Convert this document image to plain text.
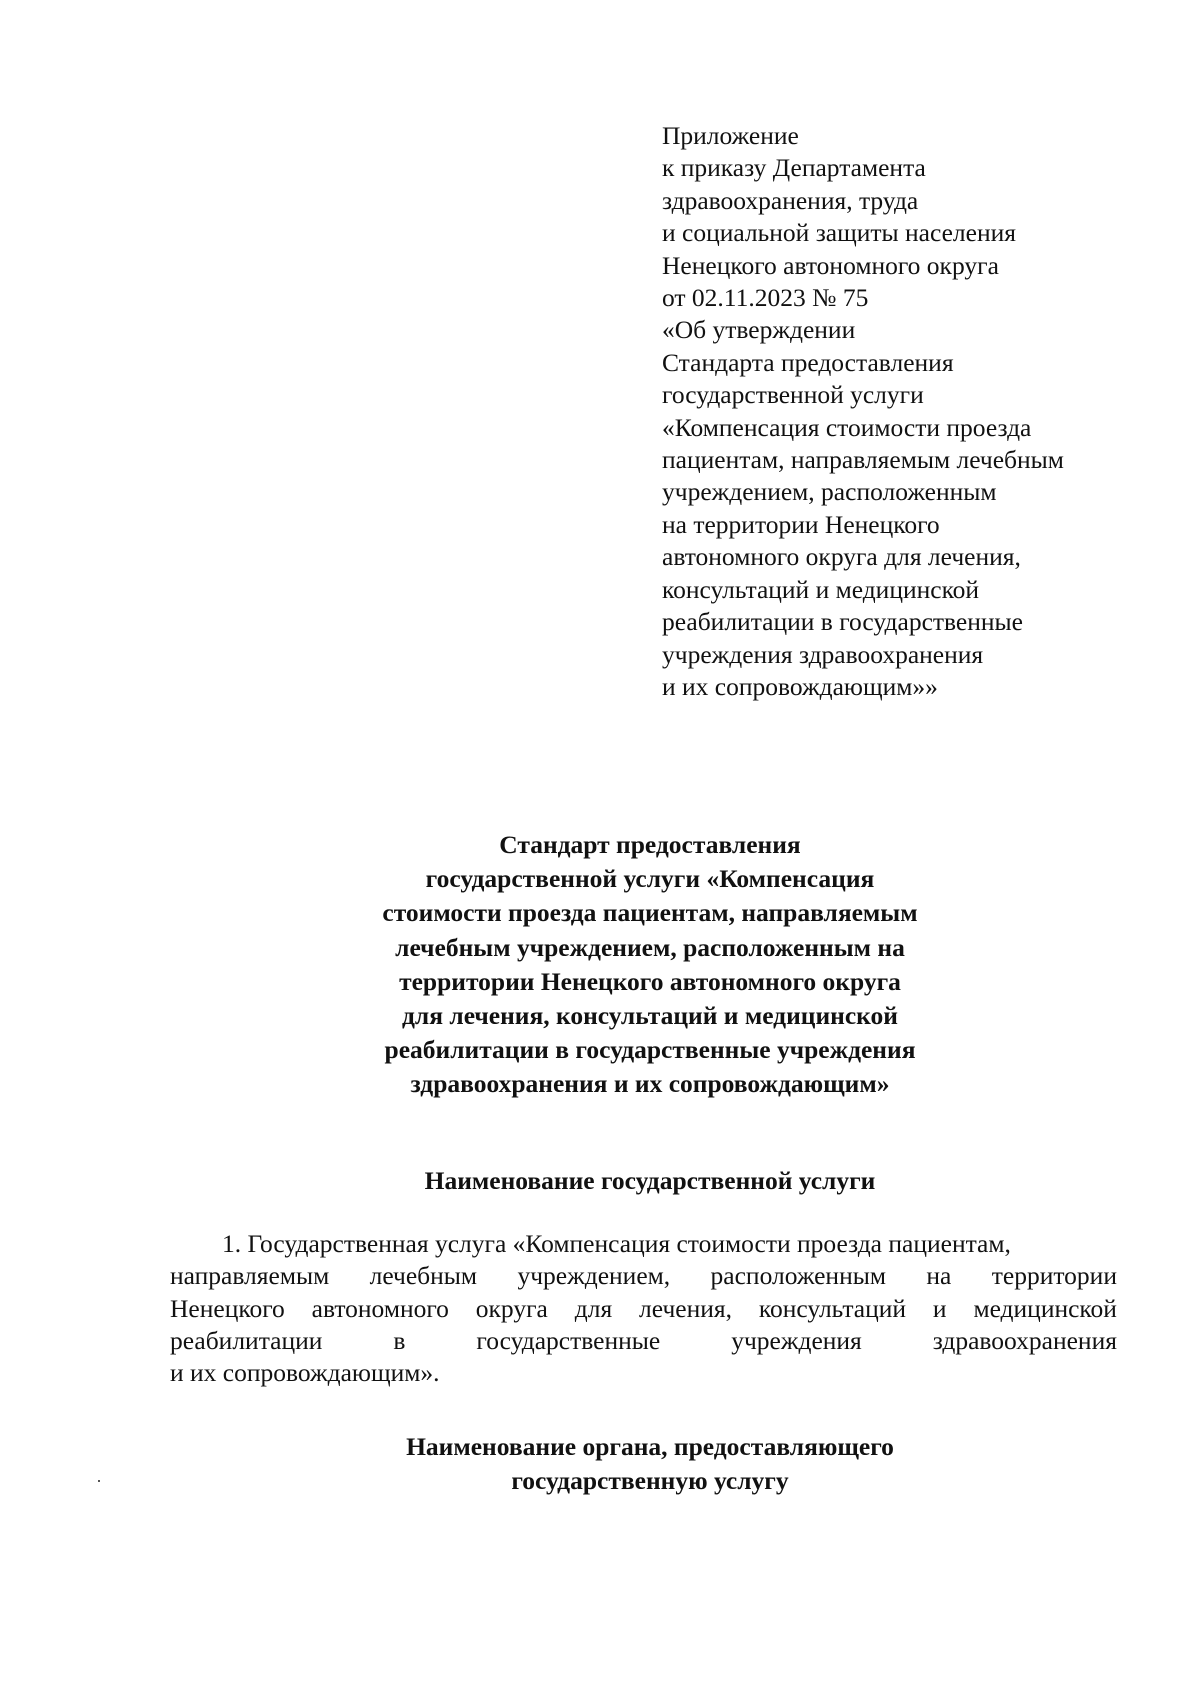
Приложение
к приказу Департамента
здравоохранения, труда
и социальной защиты населения
Ненецкого автономного округа
от 02.11.2023 № 75
«Об утверждении
Стандарта предоставления
государственной услуги
«Компенсация стоимости проезда
пациентам, направляемым лечебным
учреждением, расположенным
на территории Ненецкого
автономного округа для лечения,
консультаций и медицинской
реабилитации в государственные
учреждения здравоохранения
и их сопровождающим»»
Стандарт предоставления
государственной услуги «Компенсация
стоимости проезда пациентам, направляемым
лечебным учреждением, расположенным на
территории Ненецкого автономного округа
для лечения, консультаций и медицинской
реабилитации в государственные учреждения
здравоохранения и их сопровождающим»
Наименование государственной услуги
1. Государственная услуга «Компенсация стоимости проезда пациентам,
направляемым лечебным учреждением, расположенным на территории
Ненецкого автономного округа для лечения, консультаций и медицинской
реабилитации	в	государственные	учреждения	здравоохранения
и их сопровождающим».
Наименование органа, предоставляющего
государственную услугу
